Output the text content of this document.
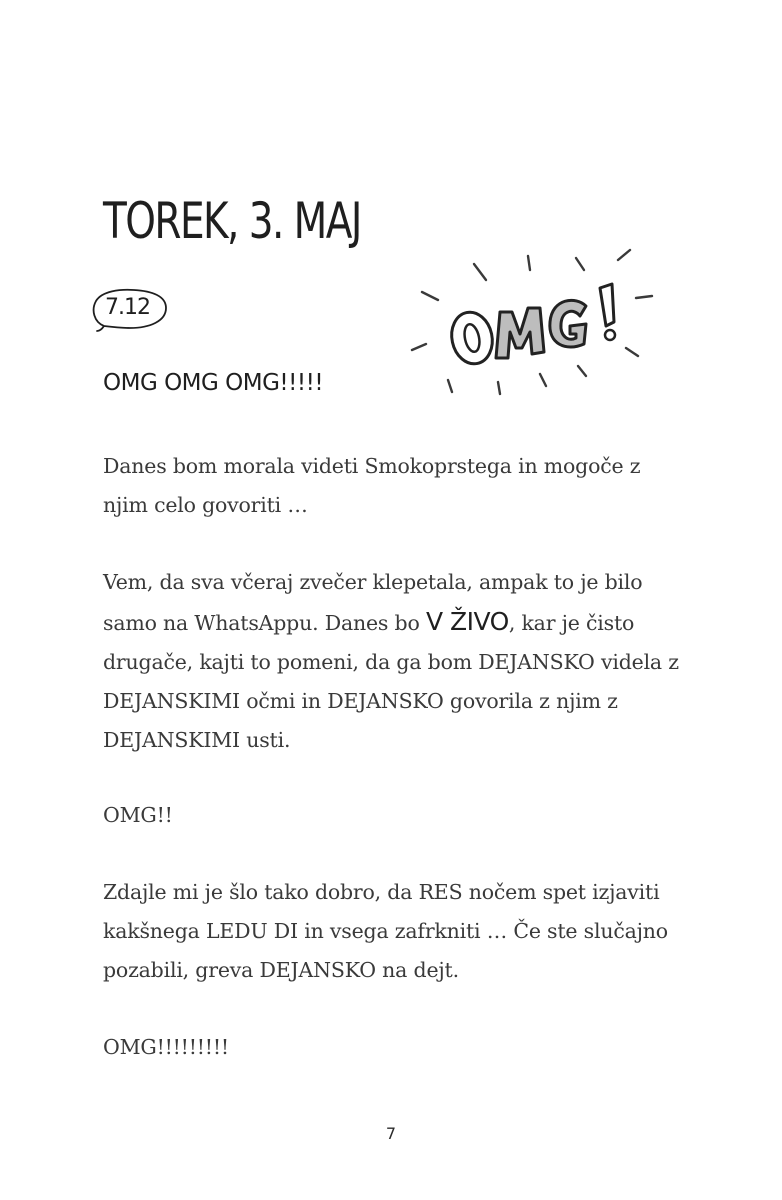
TOREK, 3. MAJ
7.12
OMG OMG OMG!!!!!

Danes bom morala videti Smokoprstega in mogoče z njim celo govoriti …

Vem, da sva včeraj zvečer klepetala, ampak to je bilo samo na WhatsAppu. Danes bo V ŽIVO, kar je čisto drugače, kajti to pomeni, da ga bom DEJANSKO videla z DEJANSKIMI očmi in DEJANSKO govorila z njim z DEJANSKIMI usti.

OMG!!

Zdajle mi je šlo tako dobro, da RES nočem spet izjaviti kakšnega LEDU DI in vsega zafrkniti … Če ste slučajno pozabili, greva DEJANSKO na dejt.

OMG!!!!!!!!!

7
